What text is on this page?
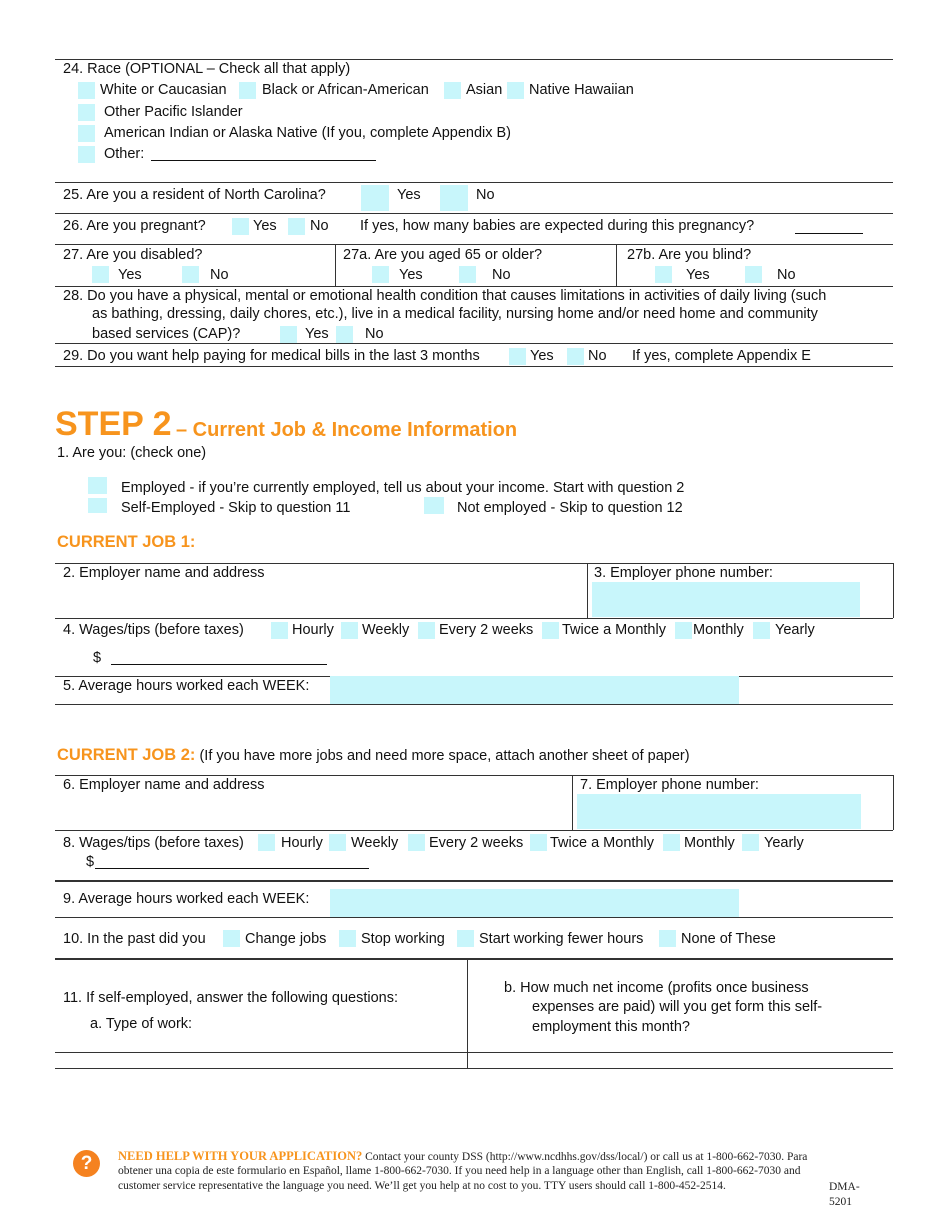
24. Race (OPTIONAL – Check all that apply)
White or Caucasian Black or African-American	Asian Native Hawaiian
Other Pacific Islander
American Indian or Alaska Native (If you, complete Appendix B)
Other:
25. Are you a resident of North Carolina?	Yes	No
26. Are you pregnant?	Yes No If yes, how many babies are expected during this pregnancy?
27. Are you disabled?
Yes	No
27a. Are you aged 65 or older?
Yes	No
27b. Are you blind?
Yes	No
28. Do you have a physical, mental or emotional health condition that causes limitations in activities of daily living (such
as bathing, dressing, daily chores, etc.), live in a medical facility, nursing home and/or need home and community
based services (CAP)?	Yes	No
29. Do you want help paying for medical bills in the last 3 months	Yes No If yes, complete Appendix E
STEP 2 – Current Job & Income Information
1. Are you: (check one)
Employed - if you’re currently employed, tell us about your income. Start with question 2
Self-Employed - Skip to question 11	Not employed - Skip to question 12
CURRENT JOB 1:
2. Employer name and address	3. Employer phone number:
4. Wages/tips (before taxes)	Hourly Weekly Every 2 weeks Twice a Monthly Monthly Yearly
$
5. Average hours worked each WEEK:
CURRENT JOB 2: (If you have more jobs and need more space, attach another sheet of paper)
6. Employer name and address	7. Employer phone number:
8. Wages/tips (before taxes)	Hourly Weekly Every 2 weeks Twice a Monthly Monthly Yearly
$
9. Average hours worked each WEEK:
10. In the past did you	Change jobs Stop working Start working fewer hours	None of These
11. If self-employed, answer the following questions:
a. Type of work:
b. How much net income (profits once business
expenses are paid) will you get form this self-
employment this month?
?	NEED HELP WITH YOUR APPLICATION? Contact your county DSS (http://www.ncdhhs.gov/dss/local/) or call us at 1-800-662-7030. Para
obtener una copia de este formulario en Español, llame 1-800-662-7030. If you need help in a language other than English, call 1-800-662-7030 and
customer service representative the language you need. We’ll get you help at no cost to you. TTY users should call 1-800-452-2514.	DMA-
5201
